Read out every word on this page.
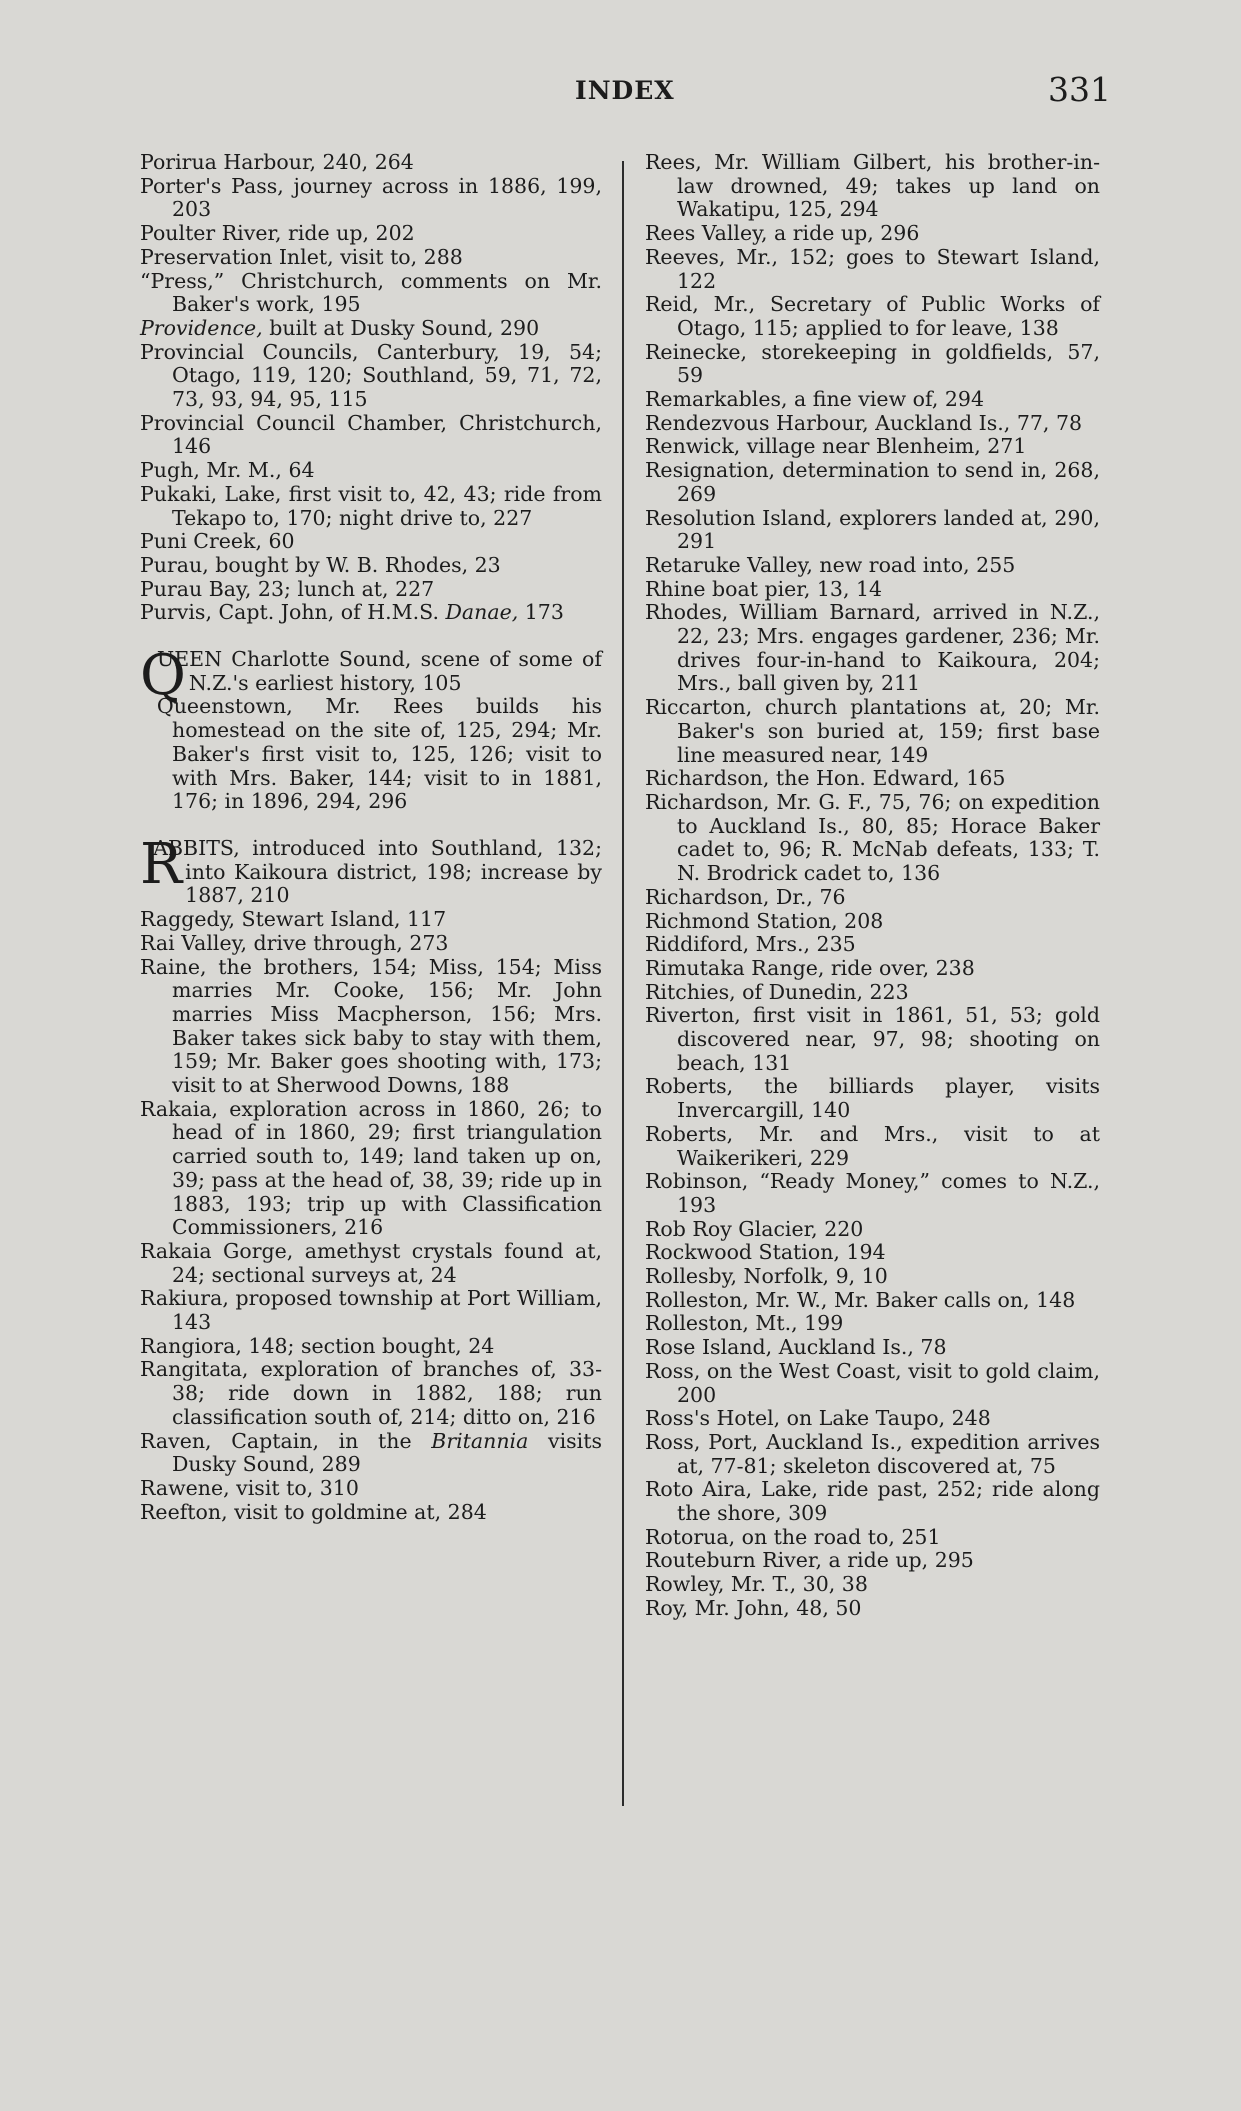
INDEX	331
Porirua Harbour, 240, 264
Porter's Pass, journey across in 1886, 199, 203
Poulter River, ride up, 202
Preservation Inlet, visit to, 288
“Press,” Christchurch, comments on Mr. Baker's work, 195
Providence, built at Dusky Sound, 290
Provincial Councils, Canterbury, 19, 54; Otago, 119, 120; Southland, 59, 71, 72, 73, 93, 94, 95, 115
Provincial Council Chamber, Christchurch, 146
Pugh, Mr. M., 64
Pukaki, Lake, first visit to, 42, 43; ride from Tekapo to, 170; night drive to, 227
Puni Creek, 60
Purau, bought by W. B. Rhodes, 23
Purau Bay, 23; lunch at, 227
Purvis, Capt. John, of H.M.S. Danae, 173
Q
UEEN Charlotte Sound, scene of some of N.Z.'s earliest history, 105
Queenstown, Mr. Rees builds his homestead on the site of, 125, 294; Mr. Baker's first visit to, 125, 126; visit to with Mrs. Baker, 144; visit to in 1881, 176; in 1896, 294, 296
R
ABBITS, introduced into Southland, 132; into Kaikoura district, 198; increase by 1887, 210
Raggedy, Stewart Island, 117
Rai Valley, drive through, 273
Raine, the brothers, 154; Miss, 154; Miss marries Mr. Cooke, 156; Mr. John marries Miss Macpherson, 156; Mrs. Baker takes sick baby to stay with them, 159; Mr. Baker goes shooting with, 173; visit to at Sherwood Downs, 188
Rakaia, exploration across in 1860, 26; to head of in 1860, 29; first triangulation carried south to, 149; land taken up on, 39; pass at the head of, 38, 39; ride up in 1883, 193; trip up with Classification Commissioners, 216
Rakaia Gorge, amethyst crystals found at, 24; sectional surveys at, 24
Rakiura, proposed township at Port William, 143
Rangiora, 148; section bought, 24
Rangitata, exploration of branches of, 33-38; ride down in 1882, 188; run classification south of, 214; ditto on, 216
Raven, Captain, in the Britannia visits Dusky Sound, 289
Rawene, visit to, 310
Reefton, visit to goldmine at, 284
Rees, Mr. William Gilbert, his brother-in-law drowned, 49; takes up land on Wakatipu, 125, 294
Rees Valley, a ride up, 296
Reeves, Mr., 152; goes to Stewart Island, 122
Reid, Mr., Secretary of Public Works of Otago, 115; applied to for leave, 138
Reinecke, storekeeping in goldfields, 57, 59
Remarkables, a fine view of, 294
Rendezvous Harbour, Auckland Is., 77, 78
Renwick, village near Blenheim, 271
Resignation, determination to send in, 268, 269
Resolution Island, explorers landed at, 290, 291
Retaruke Valley, new road into, 255
Rhine boat pier, 13, 14
Rhodes, William Barnard, arrived in N.Z., 22, 23; Mrs. engages gardener, 236; Mr. drives four-in-hand to Kaikoura, 204; Mrs., ball given by, 211
Riccarton, church plantations at, 20; Mr. Baker's son buried at, 159; first base line measured near, 149
Richardson, the Hon. Edward, 165
Richardson, Mr. G. F., 75, 76; on expedition to Auckland Is., 80, 85; Horace Baker cadet to, 96; R. McNab defeats, 133; T. N. Brodrick cadet to, 136
Richardson, Dr., 76
Richmond Station, 208
Riddiford, Mrs., 235
Rimutaka Range, ride over, 238
Ritchies, of Dunedin, 223
Riverton, first visit in 1861, 51, 53; gold discovered near, 97, 98; shooting on beach, 131
Roberts, the billiards player, visits Invercargill, 140
Roberts, Mr. and Mrs., visit to at Waikerikeri, 229
Robinson, “Ready Money,” comes to N.Z., 193
Rob Roy Glacier, 220
Rockwood Station, 194
Rollesby, Norfolk, 9, 10
Rolleston, Mr. W., Mr. Baker calls on, 148
Rolleston, Mt., 199
Rose Island, Auckland Is., 78
Ross, on the West Coast, visit to gold claim, 200
Ross's Hotel, on Lake Taupo, 248
Ross, Port, Auckland Is., expedition arrives at, 77-81; skeleton discovered at, 75
Roto Aira, Lake, ride past, 252; ride along the shore, 309
Rotorua, on the road to, 251
Routeburn River, a ride up, 295
Rowley, Mr. T., 30, 38
Roy, Mr. John, 48, 50
